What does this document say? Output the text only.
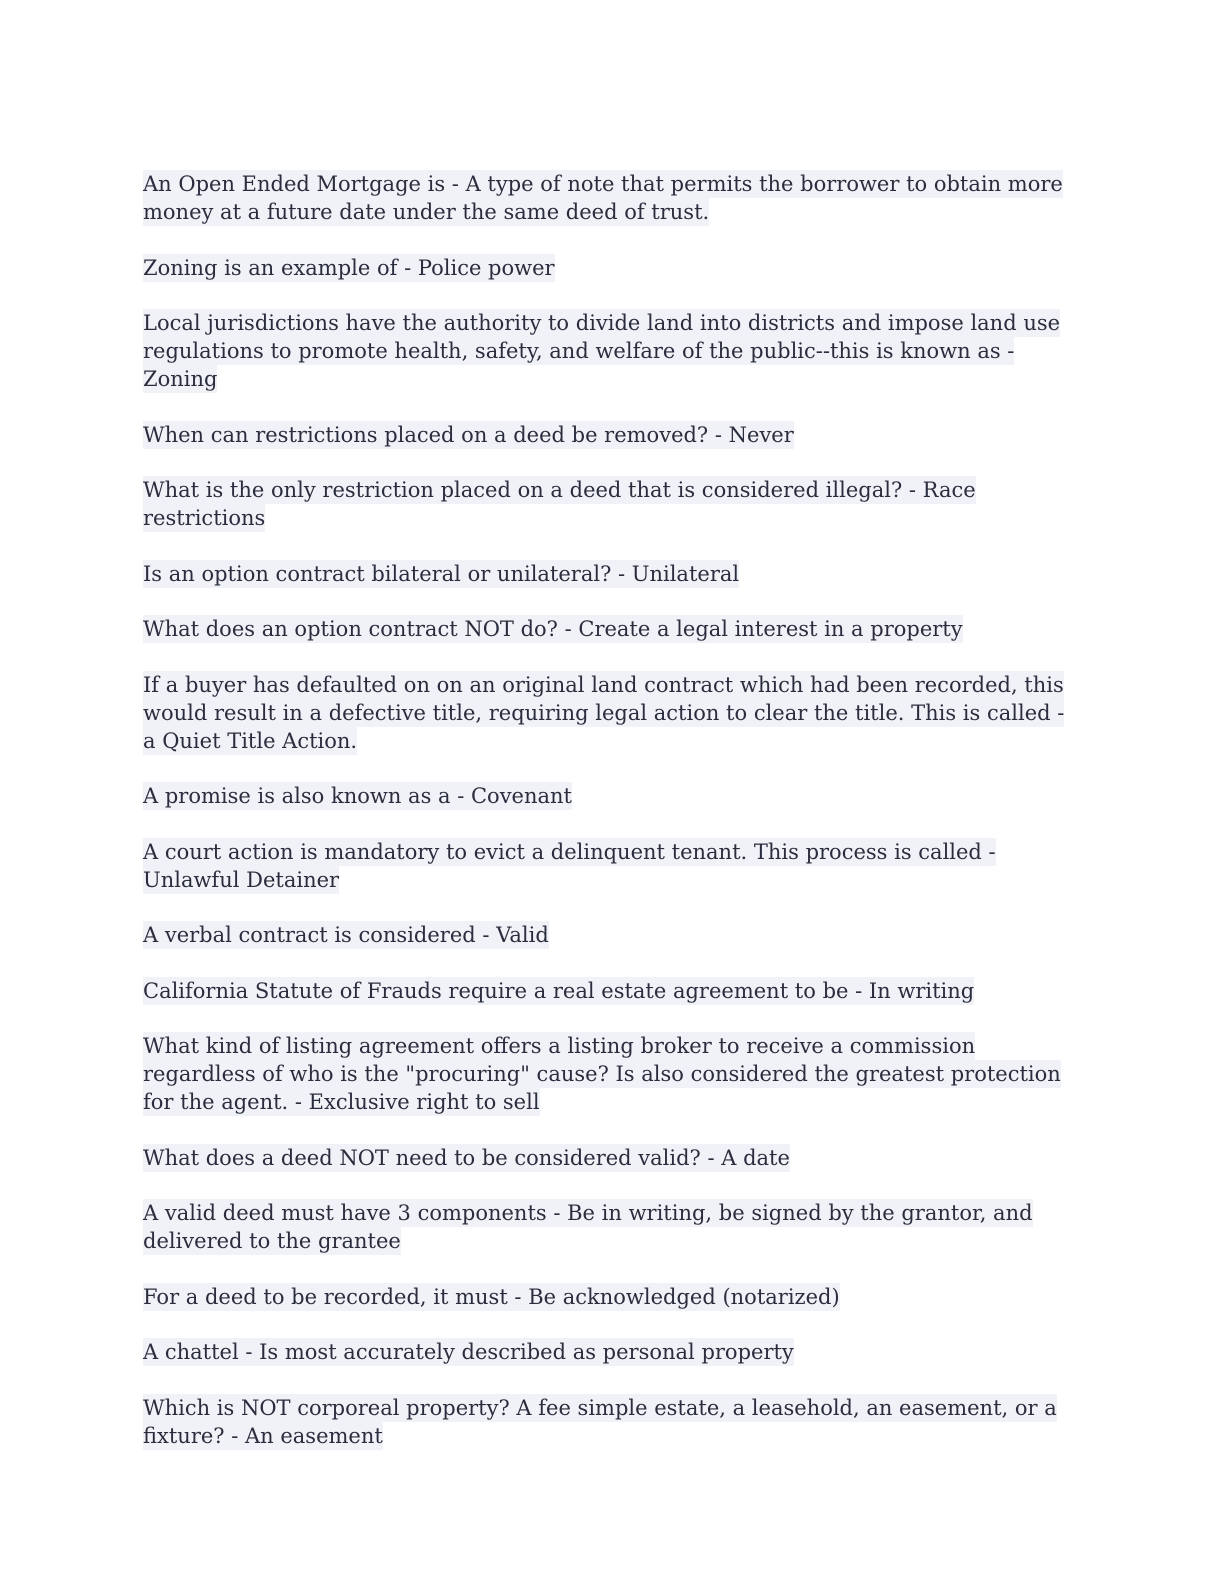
An Open Ended Mortgage is - A type of note that permits the borrower to obtain more money at a future date under the same deed of trust.

Zoning is an example of - Police power

Local jurisdictions have the authority to divide land into districts and impose land use regulations to promote health, safety, and welfare of the public--this is known as - Zoning

When can restrictions placed on a deed be removed? - Never

What is the only restriction placed on a deed that is considered illegal? - Race restrictions

Is an option contract bilateral or unilateral? - Unilateral

What does an option contract NOT do? - Create a legal interest in a property

If a buyer has defaulted on on an original land contract which had been recorded, this would result in a defective title, requiring legal action to clear the title. This is called - a Quiet Title Action.

A promise is also known as a - Covenant

A court action is mandatory to evict a delinquent tenant. This process is called - Unlawful Detainer

A verbal contract is considered - Valid

California Statute of Frauds require a real estate agreement to be - In writing

What kind of listing agreement offers a listing broker to receive a commission regardless of who is the "procuring" cause? Is also considered the greatest protection for the agent. - Exclusive right to sell

What does a deed NOT need to be considered valid? - A date

A valid deed must have 3 components - Be in writing, be signed by the grantor, and delivered to the grantee

For a deed to be recorded, it must - Be acknowledged (notarized)

A chattel - Is most accurately described as personal property

Which is NOT corporeal property? A fee simple estate, a leasehold, an easement, or a fixture? - An easement
